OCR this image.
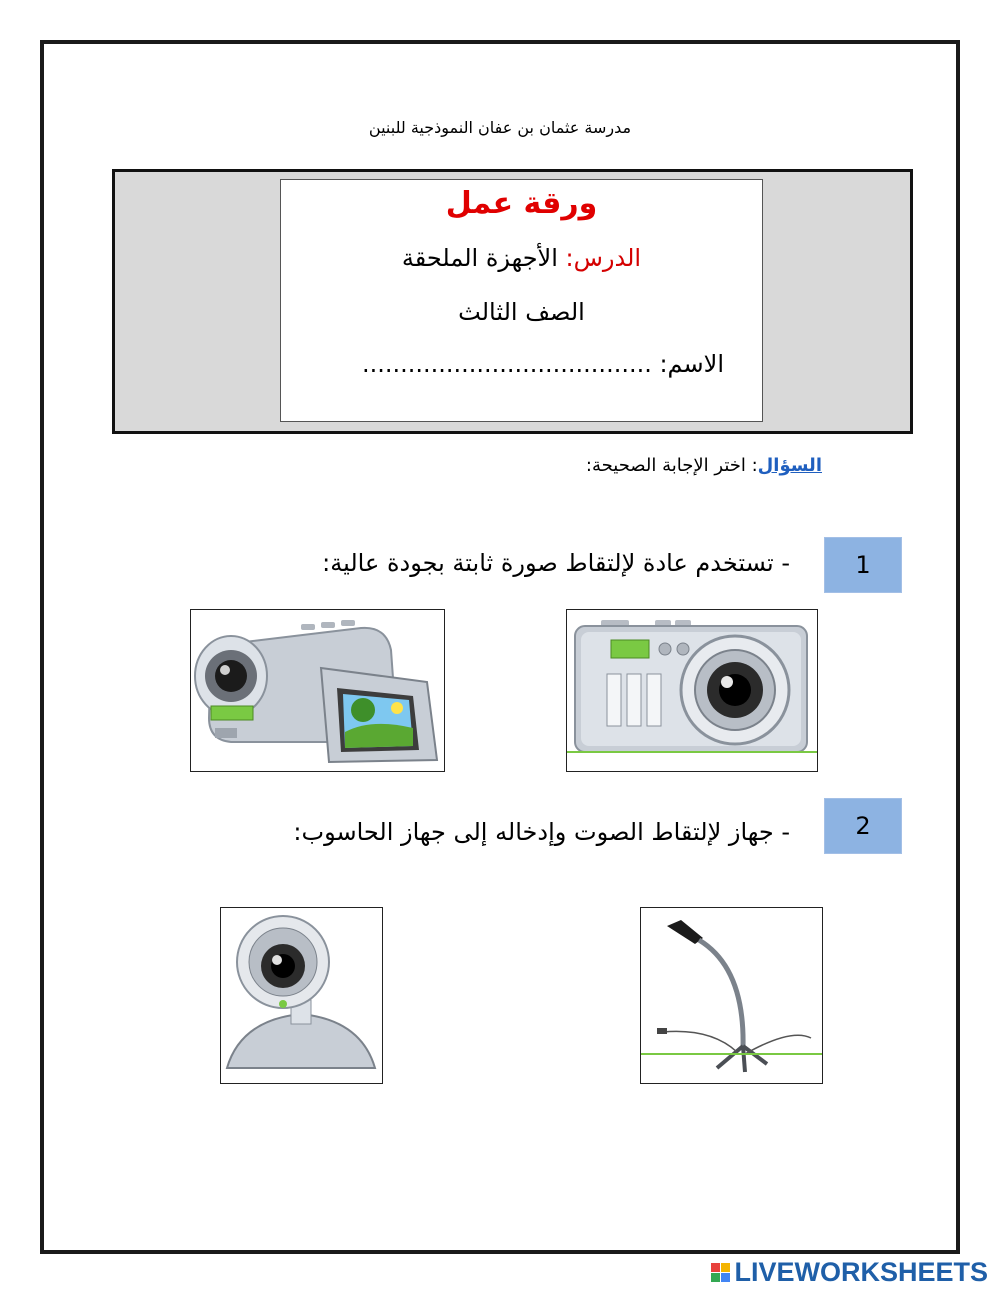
مدرسة عثمان بن عفان النموذجية للبنين
ورقة عمل
الدرس: الأجهزة الملحقة
الصف الثالث
الاسم: ......................................
السؤال: اختر الإجابة الصحيحة:
1
- تستخدم عادة لإلتقاط صورة ثابتة بجودة عالية:
2
- جهاز لإلتقاط الصوت وإدخاله إلى جهاز الحاسوب:
LIVEWORKSHEETS
